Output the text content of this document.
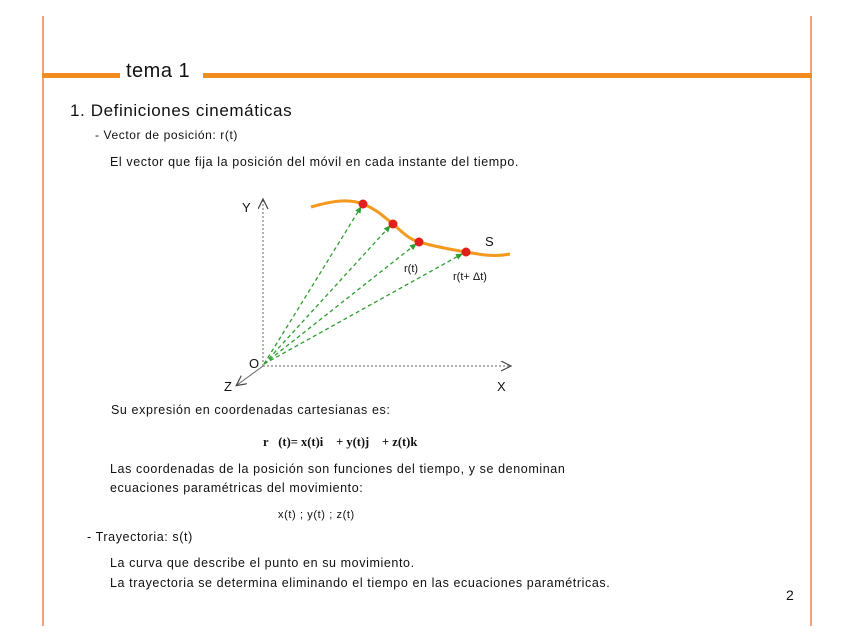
tema 1
1. Definiciones cinemáticas
- Vector de posición: r(t)
El vector que fija la posición del móvil en cada instante del tiempo.
Y
X
Z
O
S
r(t)
r(t+ Δt)
Su expresión en coordenadas cartesianas es:
r⃗(t)= x(t)i⃗ + y(t)j⃗ + z(t)k⃗
Las coordenadas de la posición son funciones del tiempo, y se denominan
ecuaciones paramétricas del movimiento:
x(t) ; y(t) ; z(t)
- Trayectoria: s(t)
La curva que describe el punto en su movimiento.
La trayectoria se determina eliminando el tiempo en las ecuaciones paramétricas.
2
